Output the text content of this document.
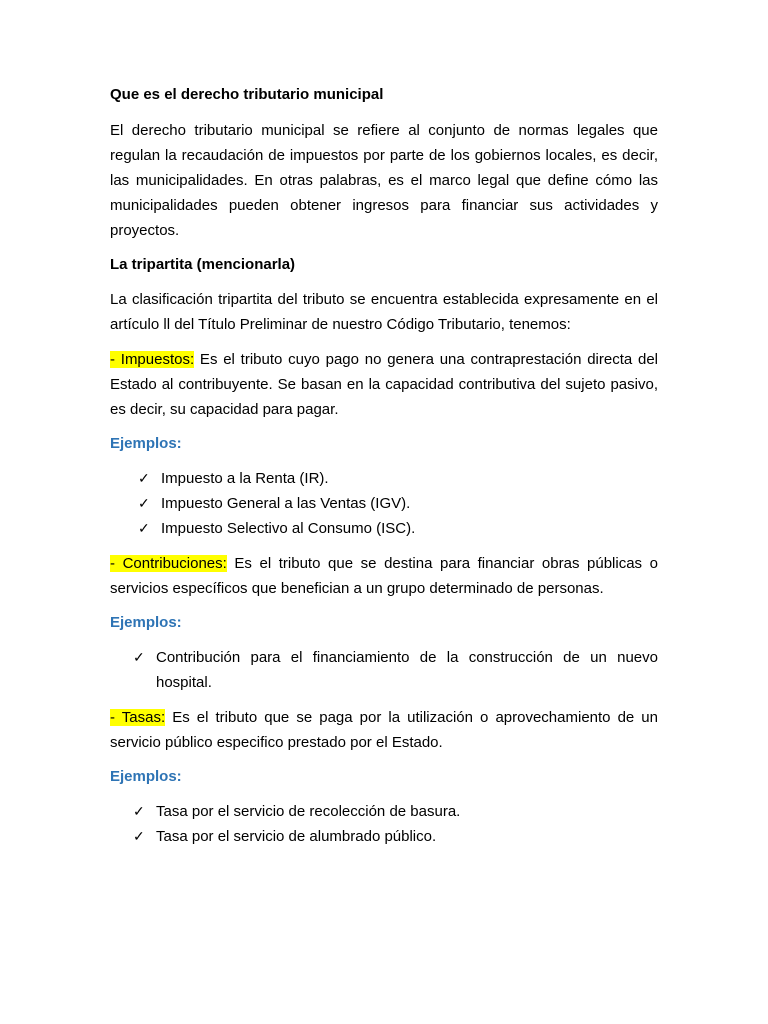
Que es el derecho tributario municipal

El derecho tributario municipal se refiere al conjunto de normas legales que regulan la recaudación de impuestos por parte de los gobiernos locales, es decir, las municipalidades. En otras palabras, es el marco legal que define cómo las municipalidades pueden obtener ingresos para financiar sus actividades y proyectos.

La tripartita (mencionarla)

La clasificación tripartita del tributo se encuentra establecida expresamente en el artículo ll del Título Preliminar de nuestro Código Tributario, tenemos:

- Impuestos: Es el tributo cuyo pago no genera una contraprestación directa del Estado al contribuyente. Se basan en la capacidad contributiva del sujeto pasivo, es decir, su capacidad para pagar.

Ejemplos:

✓ Impuesto a la Renta (IR).
✓ Impuesto General a las Ventas (IGV).
✓ Impuesto Selectivo al Consumo (ISC).

- Contribuciones: Es el tributo que se destina para financiar obras públicas o servicios específicos que benefician a un grupo determinado de personas.

Ejemplos:

✓ Contribución para el financiamiento de la construcción de un nuevo hospital.

- Tasas: Es el tributo que se paga por la utilización o aprovechamiento de un servicio público especifico prestado por el Estado.

Ejemplos:

✓ Tasa por el servicio de recolección de basura.
✓ Tasa por el servicio de alumbrado público.
